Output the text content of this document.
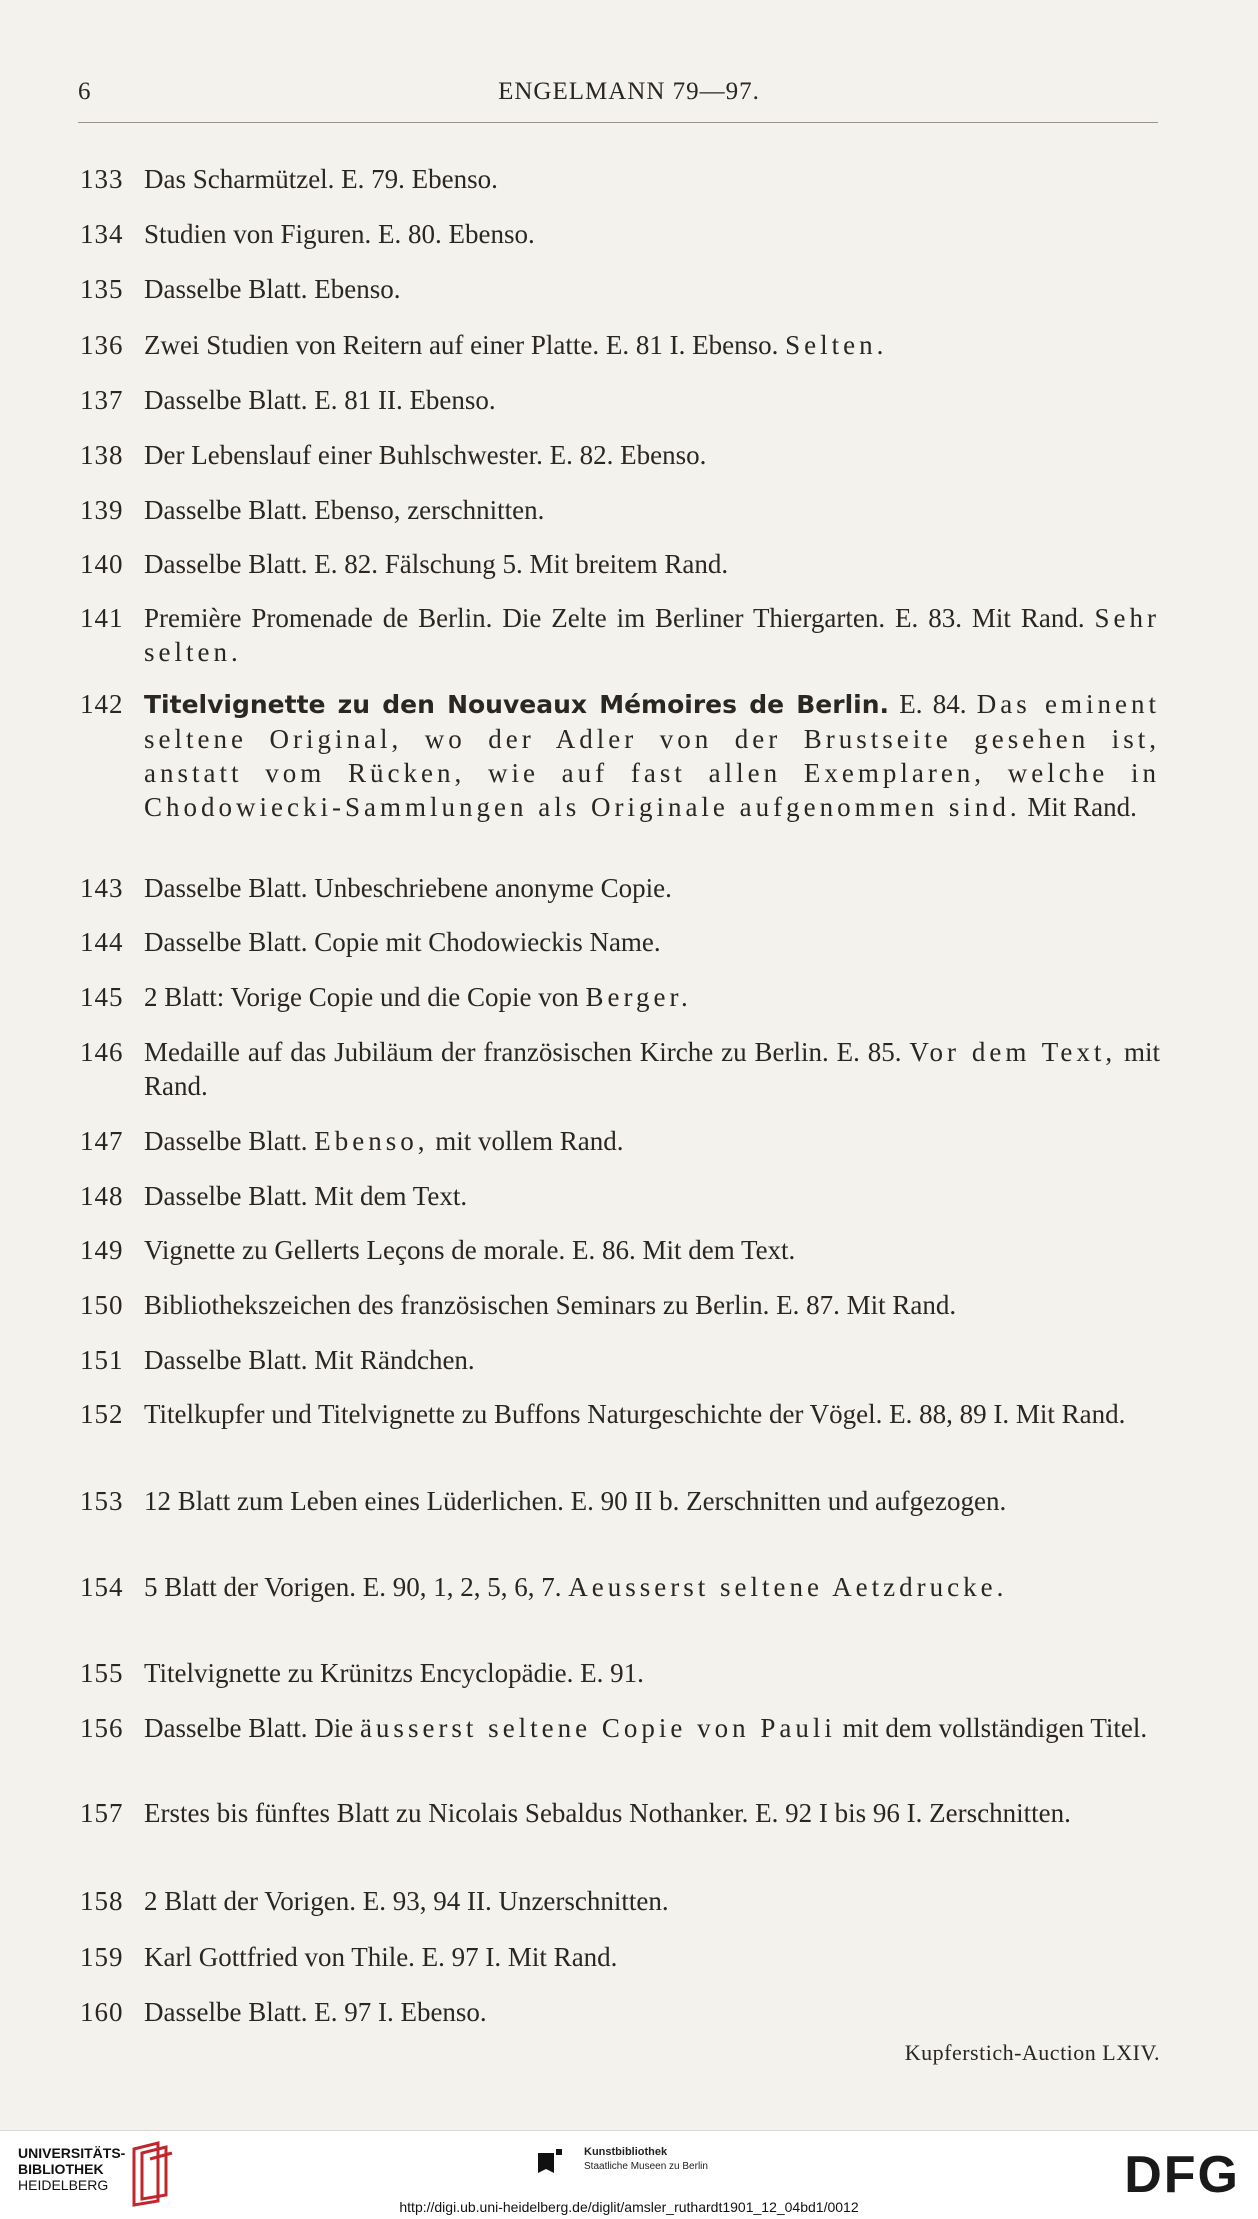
6	ENGELMANN 79—97.
133 Das Scharmützel. E. 79. Ebenso.
134 Studien von Figuren. E. 80. Ebenso.
135 Dasselbe Blatt. Ebenso.
136 Zwei Studien von Reitern auf einer Platte. E. 81 I. Ebenso. Selten.
137 Dasselbe Blatt. E. 81 II. Ebenso.
138 Der Lebenslauf einer Buhlschwester. E. 82. Ebenso.
139 Dasselbe Blatt. Ebenso, zerschnitten.
140 Dasselbe Blatt. E. 82. Fälschung 5. Mit breitem Rand.
141 Première Promenade de Berlin. Die Zelte im Berliner Thiergarten. E. 83. Mit Rand. Sehr selten.
142 Titelvignette zu den Nouveaux Mémoires de Berlin. E. 84. Das eminent seltene Original, wo der Adler von der Brustseite gesehen ist, anstatt vom Rücken, wie auf fast allen Exemplaren, welche in Chodowiecki-Sammlungen als Originale aufgenommen sind. Mit Rand.
143 Dasselbe Blatt. Unbeschriebene anonyme Copie.
144 Dasselbe Blatt. Copie mit Chodowieckis Name.
145 2 Blatt: Vorige Copie und die Copie von Berger.
146 Medaille auf das Jubiläum der französischen Kirche zu Berlin. E. 85. Vor dem Text, mit Rand.
147 Dasselbe Blatt. Ebenso, mit vollem Rand.
148 Dasselbe Blatt. Mit dem Text.
149 Vignette zu Gellerts Leçons de morale. E. 86. Mit dem Text.
150 Bibliothekszeichen des französischen Seminars zu Berlin. E. 87. Mit Rand.
151 Dasselbe Blatt. Mit Rändchen.
152 Titelkupfer und Titelvignette zu Buffons Naturgeschichte der Vögel. E. 88, 89 I. Mit Rand.
153 12 Blatt zum Leben eines Lüderlichen. E. 90 II b. Zerschnitten und aufgezogen.
154 5 Blatt der Vorigen. E. 90, 1, 2, 5, 6, 7. Aeusserst seltene Aetzdrucke.
155 Titelvignette zu Krünitzs Encyclopädie. E. 91.
156 Dasselbe Blatt. Die äusserst seltene Copie von Pauli mit dem vollständigen Titel.
157 Erstes bis fünftes Blatt zu Nicolais Sebaldus Nothanker. E. 92 I bis 96 I. Zerschnitten.
158 2 Blatt der Vorigen. E. 93, 94 II. Unzerschnitten.
159 Karl Gottfried von Thile. E. 97 I. Mit Rand.
160 Dasselbe Blatt. E. 97 I. Ebenso.
Kupferstich-Auction LXIV.
UNIVERSITÄTS-
BIBLIOTHEK
HEIDELBERG
Kunstbibliothek
Staatliche Museen zu Berlin	DFG
http://digi.ub.uni-heidelberg.de/diglit/amsler_ruthardt1901_12_04bd1/0012
